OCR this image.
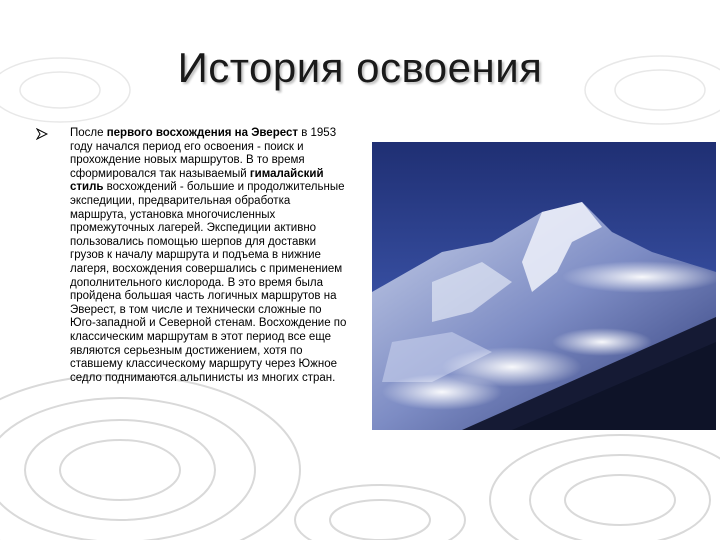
История освоения
После первого восхождения на Эверест в 1953 году начался период его освоения - поиск и прохождение новых маршрутов. В то время сформировался так называемый гималайский стиль восхождений - большие и продолжительные экспедиции, предварительная обработка маршрута, установка многочисленных промежуточных лагерей. Экспедиции активно пользовались помощью шерпов для доставки грузов к началу маршрута и подъема в нижние лагеря, восхождения совершались с применением дополнительного кислорода. В это время была пройдена большая часть логичных маршрутов на Эверест, в том числе и технически сложные по Юго-западной и Северной стенам. Восхождение по классическим маршрутам в этот период все еще являются серьезным достижением, хотя по ставшему классическому маршруту через Южное седло поднимаются альпинисты из многих стран.
